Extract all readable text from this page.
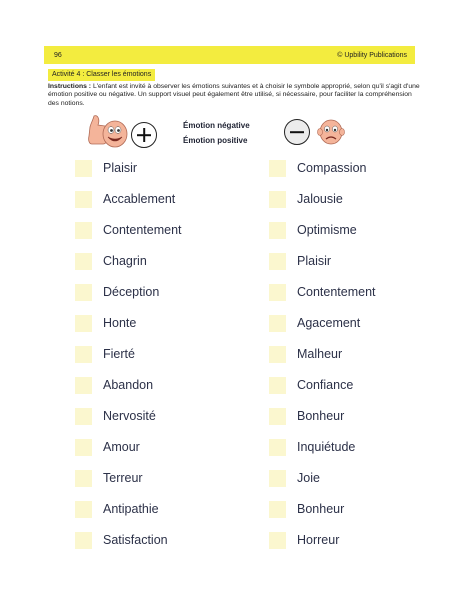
96	© Upbility Publications
Activité 4 : Classer les émotions

Instructions : L'enfant est invité à observer les émotions suivantes et à choisir le symbole approprié, selon qu'il s'agit d'une émotion positive ou négative. Un support visuel peut également être utilisé, si nécessaire, pour faciliter la compréhension des notions.

Émotion négative
Émotion positive
Plaisir
Accablement
Contentement
Chagrin
Déception
Honte
Fierté
Abandon
Nervosité
Amour
Terreur
Antipathie
Satisfaction
Compassion
Jalousie
Optimisme
Plaisir
Contentement
Agacement
Malheur
Confiance
Bonheur
Inquiétude
Joie
Bonheur
Horreur
